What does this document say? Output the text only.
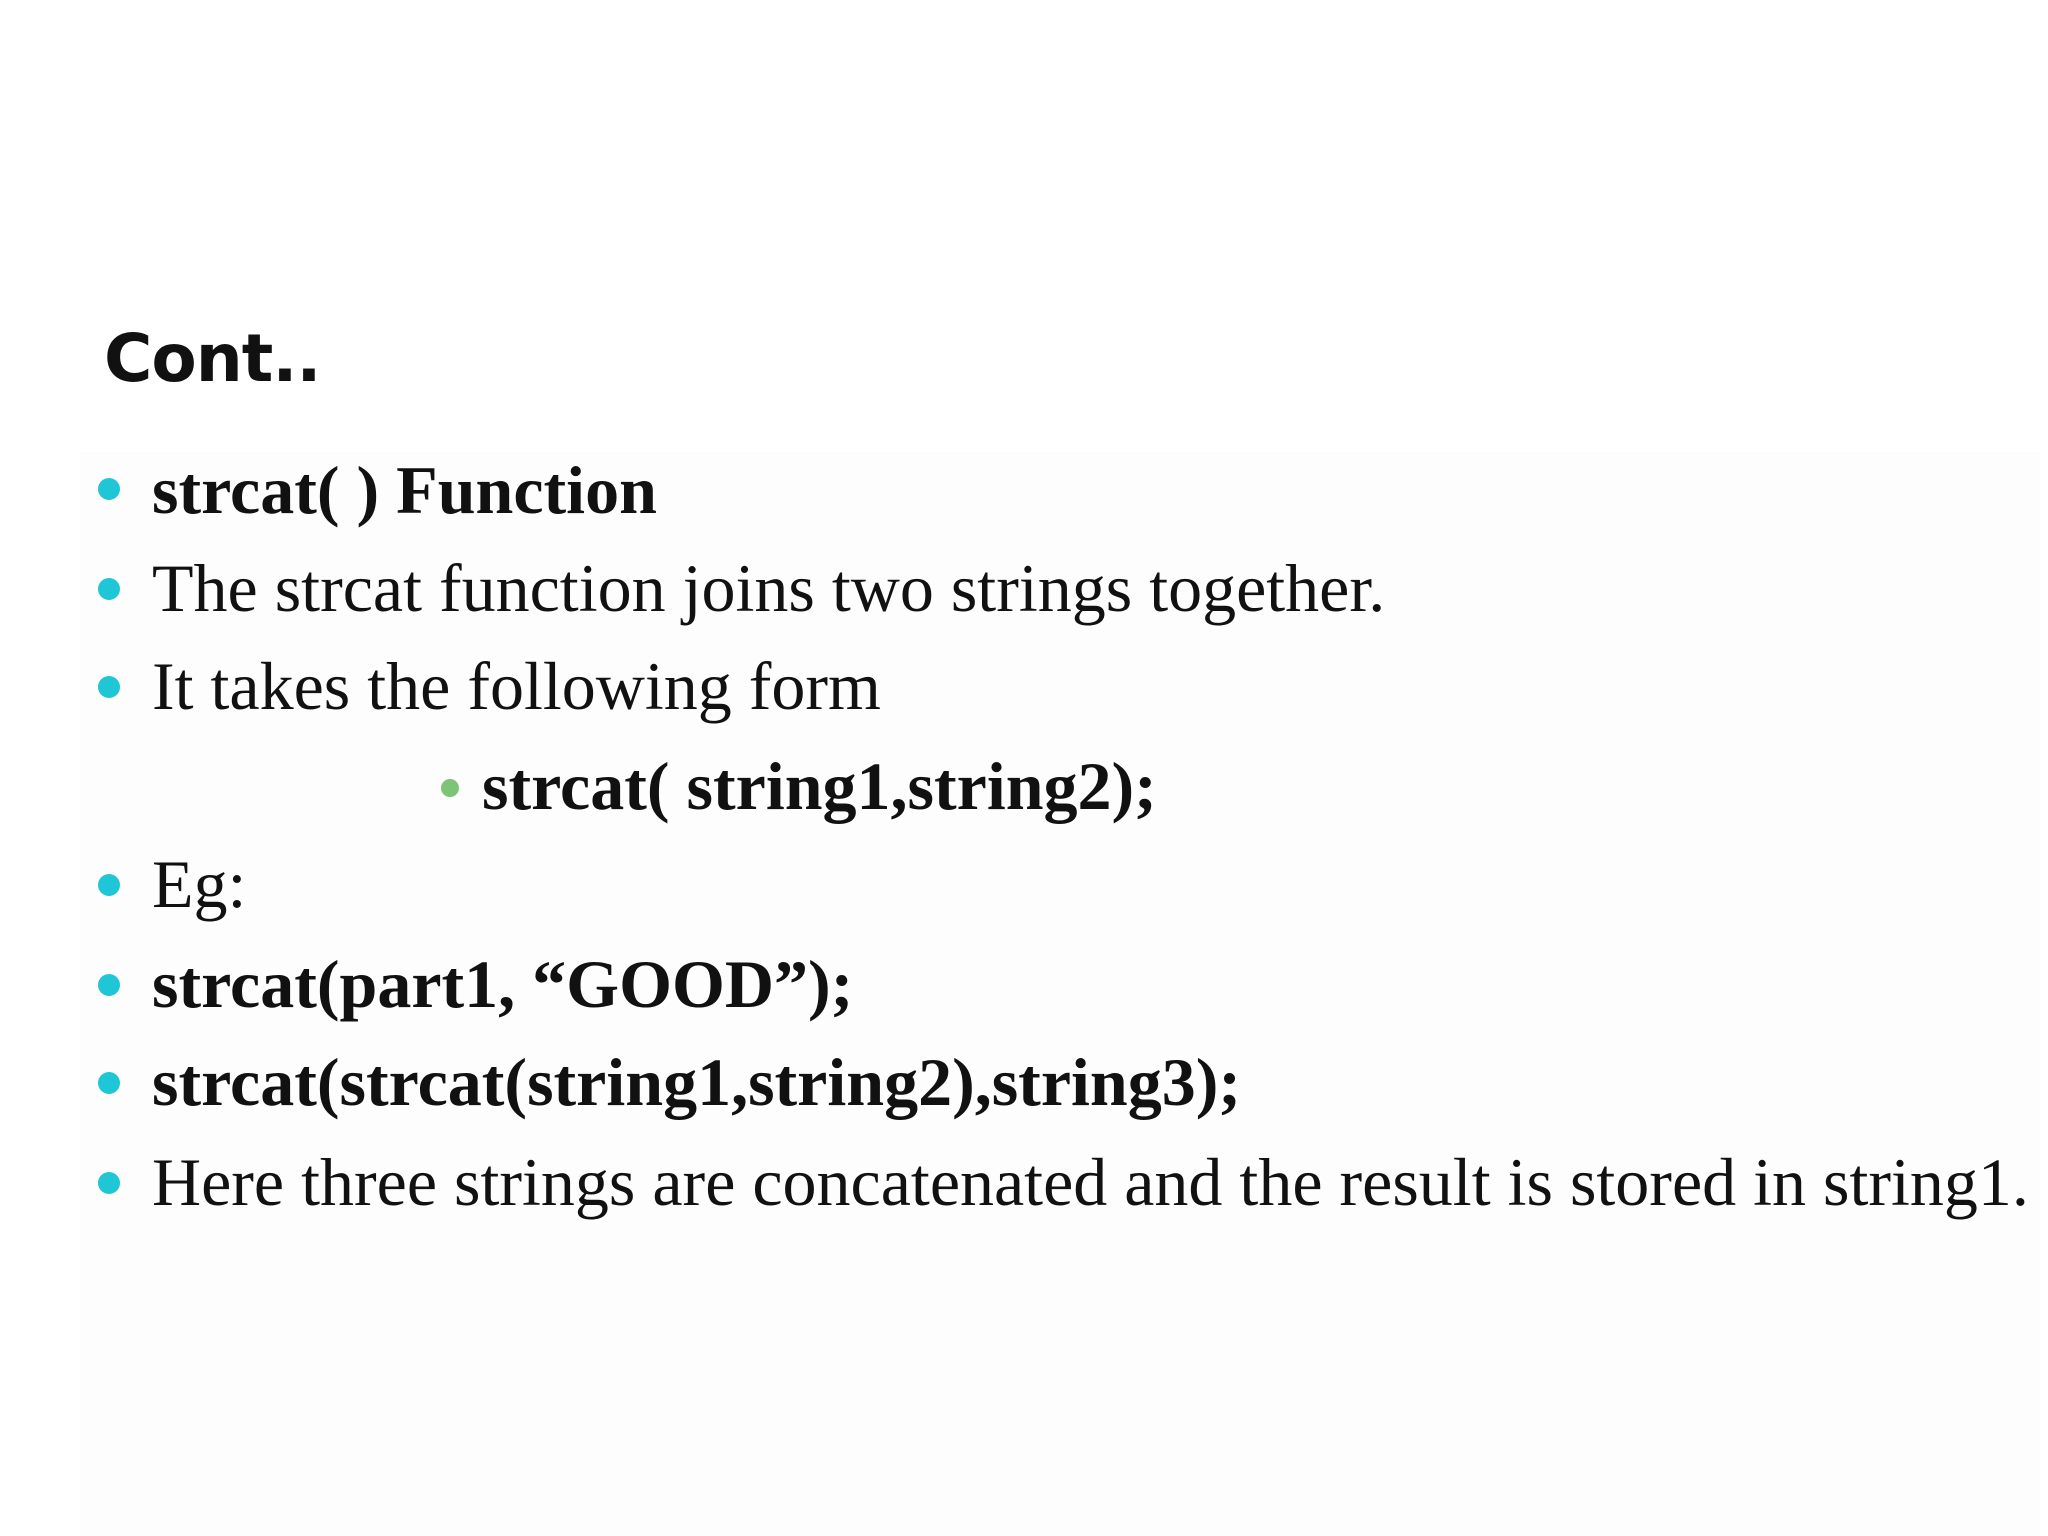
Cont..
strcat( ) Function
The strcat function joins two strings together.
It takes the following form
strcat( string1,string2);
Eg:
strcat(part1, “GOOD”);
strcat(strcat(string1,string2),string3);
Here three strings are concatenated and the result is stored in string1.
